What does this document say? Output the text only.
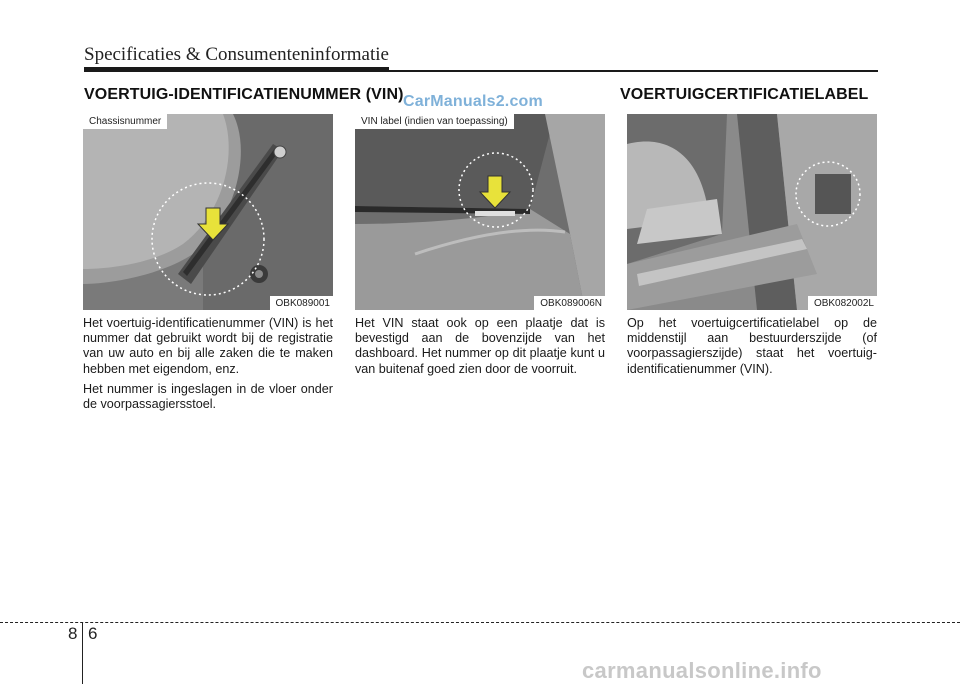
Specificaties & Consumenteninformatie
VOERTUIG-IDENTIFICATIENUMMER (VIN)	VOERTUIGCERTIFICATIELABEL
Chassisnummer
OBK089001
VIN label (indien van toepassing)
OBK089006N	OBK082002L
CarManuals2.com

Het voertuig-identificatienummer (VIN) is het nummer dat gebruikt wordt bij de registratie van uw auto en bij alle zaken die te maken hebben met eigendom, enz.

Het nummer is ingeslagen in de vloer onder de voorpassagiersstoel.

Het VIN staat ook op een plaatje dat is bevestigd aan de bovenzijde van het dashboard. Het nummer op dit plaatje kunt u van buitenaf goed zien door de voorruit.

Op het voertuigcertificatielabel op de middenstijl aan bestuurderszijde (of voorpassagierszijde) staat het voertuig-identificatienummer (VIN).

8 6
carmanualsonline.info
